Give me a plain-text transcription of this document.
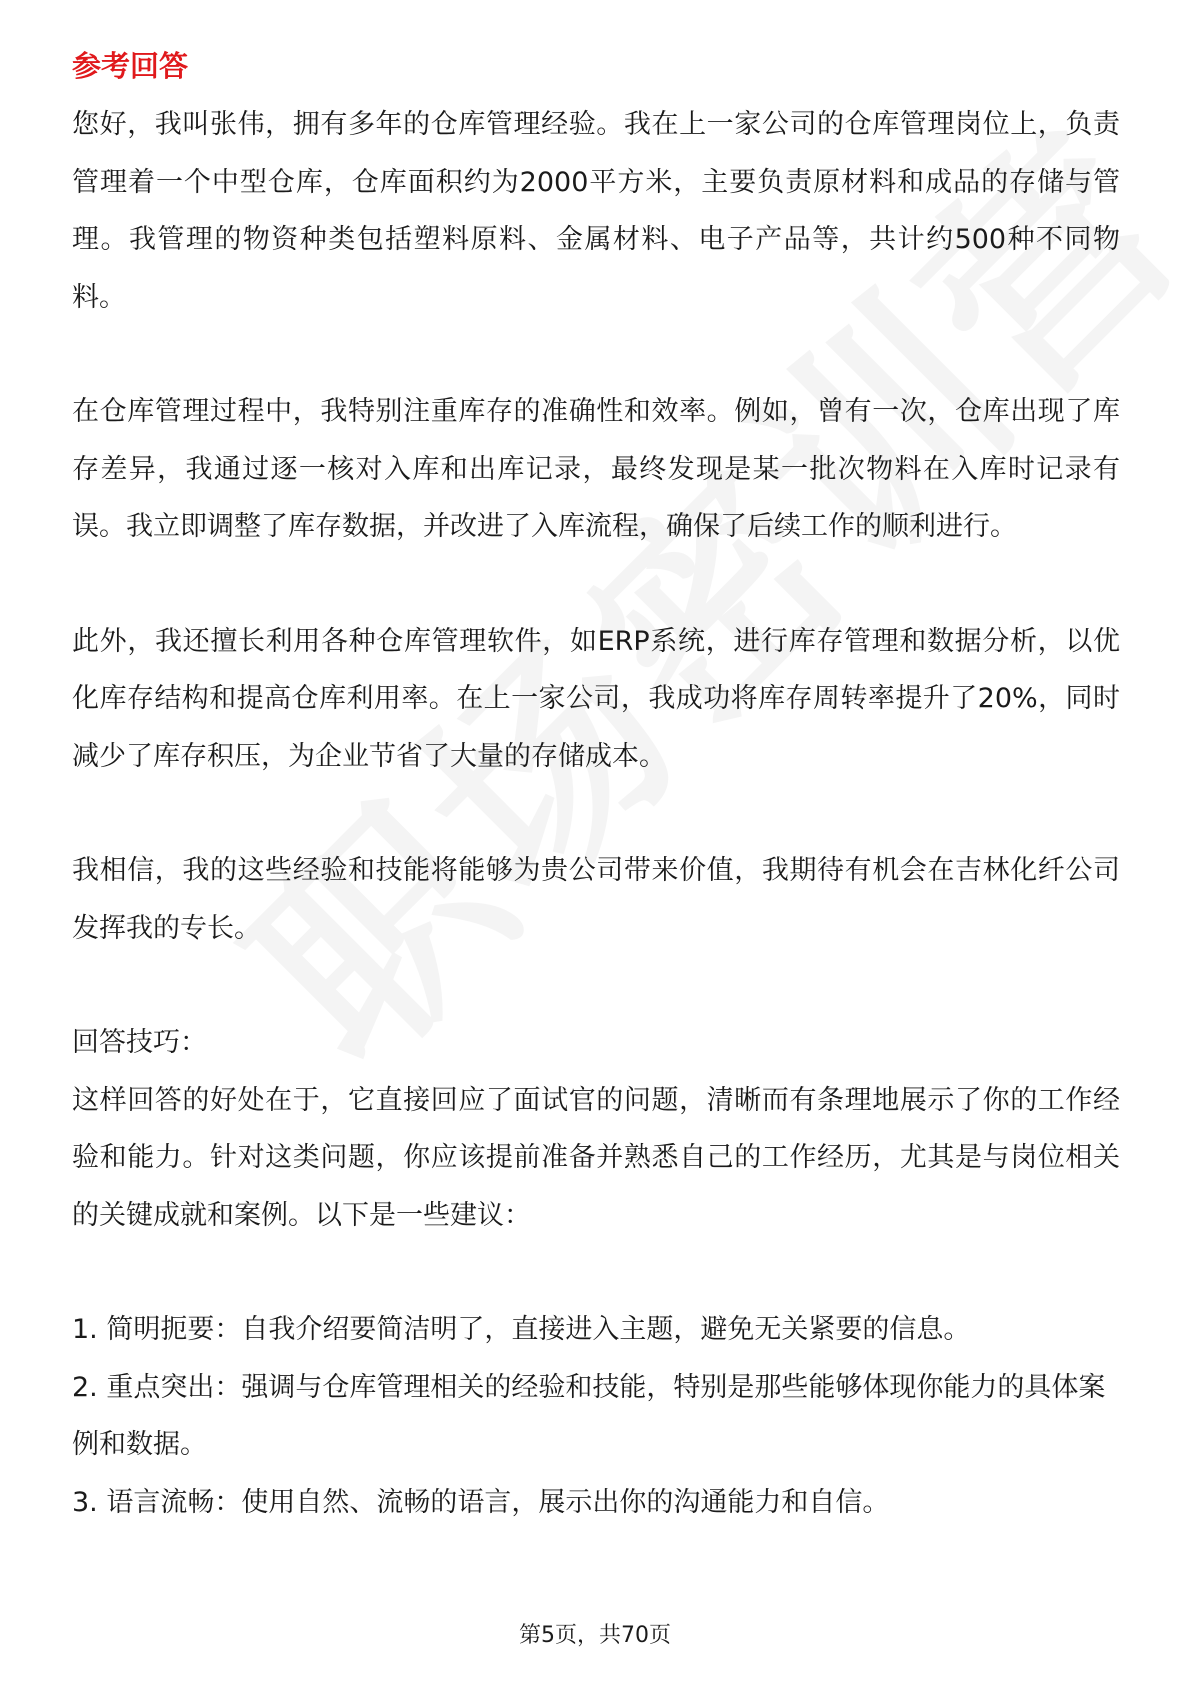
参考回答

您好，我叫张伟，拥有多年的仓库管理经验。我在上一家公司的仓库管理岗位上，负责管理着一个中型仓库，仓库面积约为2000平方米，主要负责原材料和成品的存储与管理。我管理的物资种类包括塑料原料、金属材料、电子产品等，共计约500种不同物料。

在仓库管理过程中，我特别注重库存的准确性和效率。例如，曾有一次，仓库出现了库存差异，我通过逐一核对入库和出库记录，最终发现是某一批次物料在入库时记录有误。我立即调整了库存数据，并改进了入库流程，确保了后续工作的顺利进行。

此外，我还擅长利用各种仓库管理软件，如ERP系统，进行库存管理和数据分析，以优化库存结构和提高仓库利用率。在上一家公司，我成功将库存周转率提升了20%，同时减少了库存积压，为企业节省了大量的存储成本。

我相信，我的这些经验和技能将能够为贵公司带来价值，我期待有机会在吉林化纤公司发挥我的专长。

回答技巧：

这样回答的好处在于，它直接回应了面试官的问题，清晰而有条理地展示了你的工作经验和能力。针对这类问题，你应该提前准备并熟悉自己的工作经历，尤其是与岗位相关的关键成就和案例。以下是一些建议：

1. 简明扼要：自我介绍要简洁明了，直接进入主题，避免无关紧要的信息。
2. 重点突出：强调与仓库管理相关的经验和技能，特别是那些能够体现你能力的具体案例和数据。
3. 语言流畅：使用自然、流畅的语言，展示出你的沟通能力和自信。
第5页，共70页
